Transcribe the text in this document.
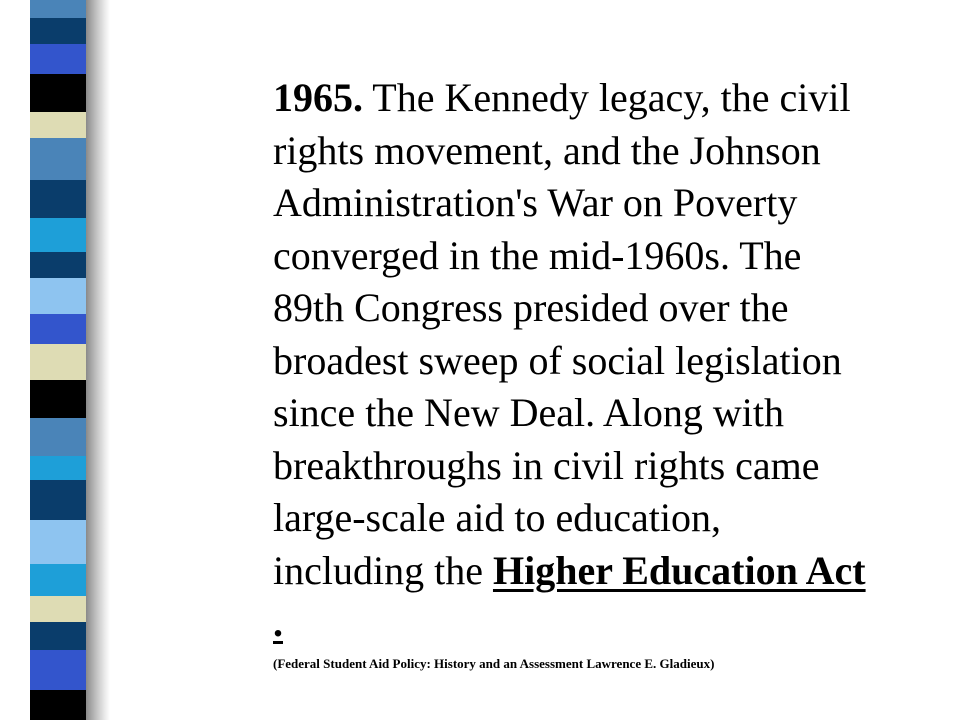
1965. The Kennedy legacy, the civil rights movement, and the Johnson Administration's War on Poverty converged in the mid-1960s. The 89th Congress presided over the broadest sweep of social legislation since the New Deal. Along with breakthroughs in civil rights came large-scale aid to education, including the Higher Education Act .

(Federal Student Aid Policy: History and an Assessment Lawrence E. Gladieux)
